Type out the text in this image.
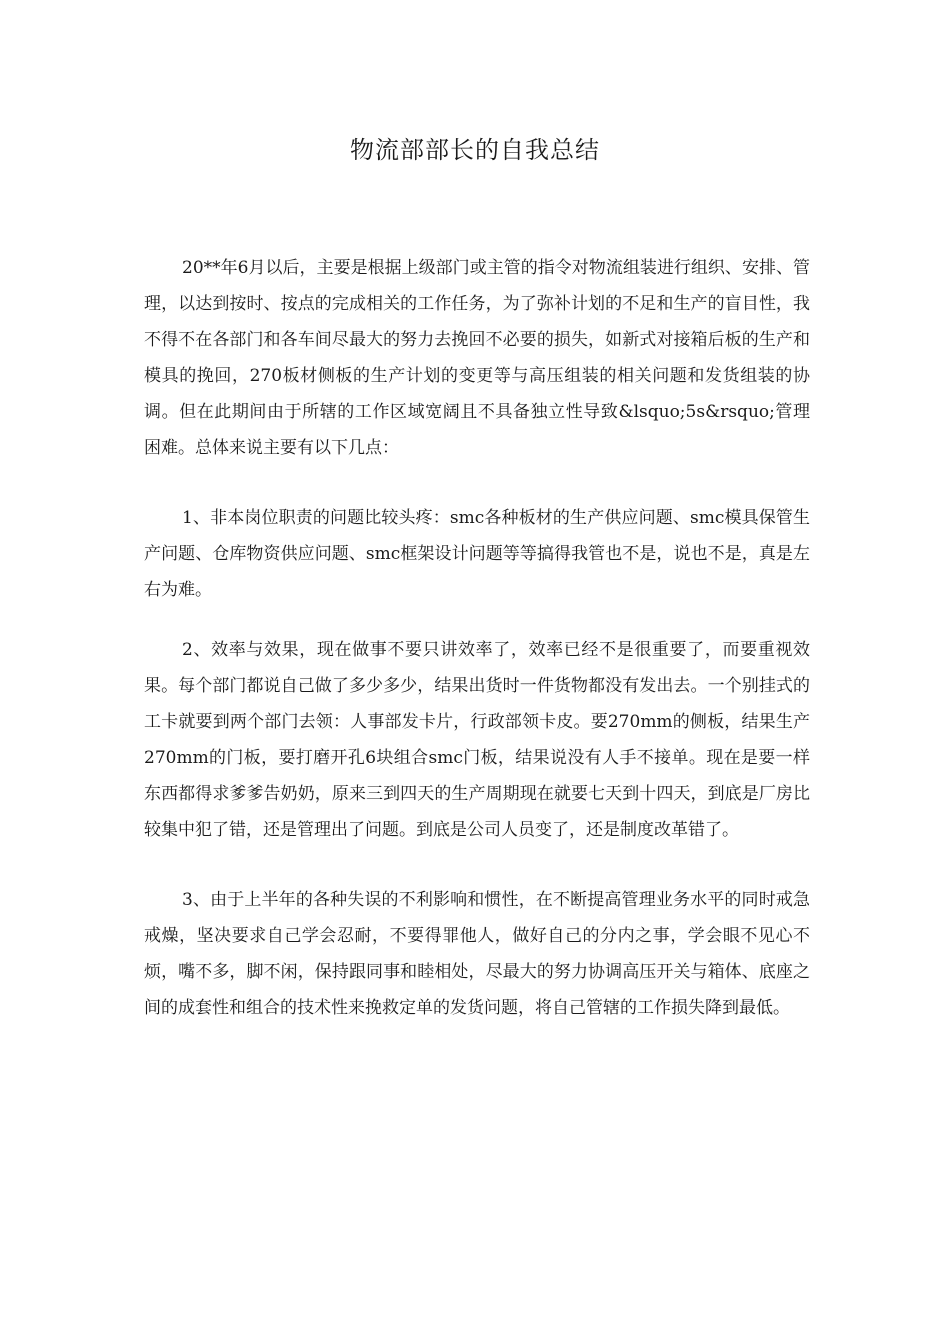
物流部部长的自我总结

20**年6月以后，主要是根据上级部门或主管的指令对物流组装进行组织、安排、管理，以达到按时、按点的完成相关的工作任务，为了弥补计划的不足和生产的盲目性，我不得不在各部门和各车间尽最大的努力去挽回不必要的损失，如新式对接箱后板的生产和模具的挽回，270板材侧板的生产计划的变更等与高压组装的相关问题和发货组装的协调。但在此期间由于所辖的工作区域宽阔且不具备独立性导致&lsquo;5s&rsquo;管理困难。总体来说主要有以下几点：

1、非本岗位职责的问题比较头疼：smc各种板材的生产供应问题、smc模具保管生产问题、仓库物资供应问题、smc框架设计问题等等搞得我管也不是，说也不是，真是左右为难。

2、效率与效果，现在做事不要只讲效率了，效率已经不是很重要了，而要重视效果。每个部门都说自己做了多少多少，结果出货时一件货物都没有发出去。一个别挂式的工卡就要到两个部门去领：人事部发卡片，行政部领卡皮。要270mm的侧板，结果生产270mm的门板，要打磨开孔6块组合smc门板，结果说没有人手不接单。现在是要一样东西都得求爹爹告奶奶，原来三到四天的生产周期现在就要七天到十四天，到底是厂房比较集中犯了错，还是管理出了问题。到底是公司人员变了，还是制度改革错了。

3、由于上半年的各种失误的不利影响和惯性，在不断提高管理业务水平的同时戒急戒燥，坚决要求自己学会忍耐，不要得罪他人，做好自己的分内之事，学会眼不见心不烦，嘴不多，脚不闲，保持跟同事和睦相处，尽最大的努力协调高压开关与箱体、底座之间的成套性和组合的技术性来挽救定单的发货问题，将自己管辖的工作损失降到最低。
